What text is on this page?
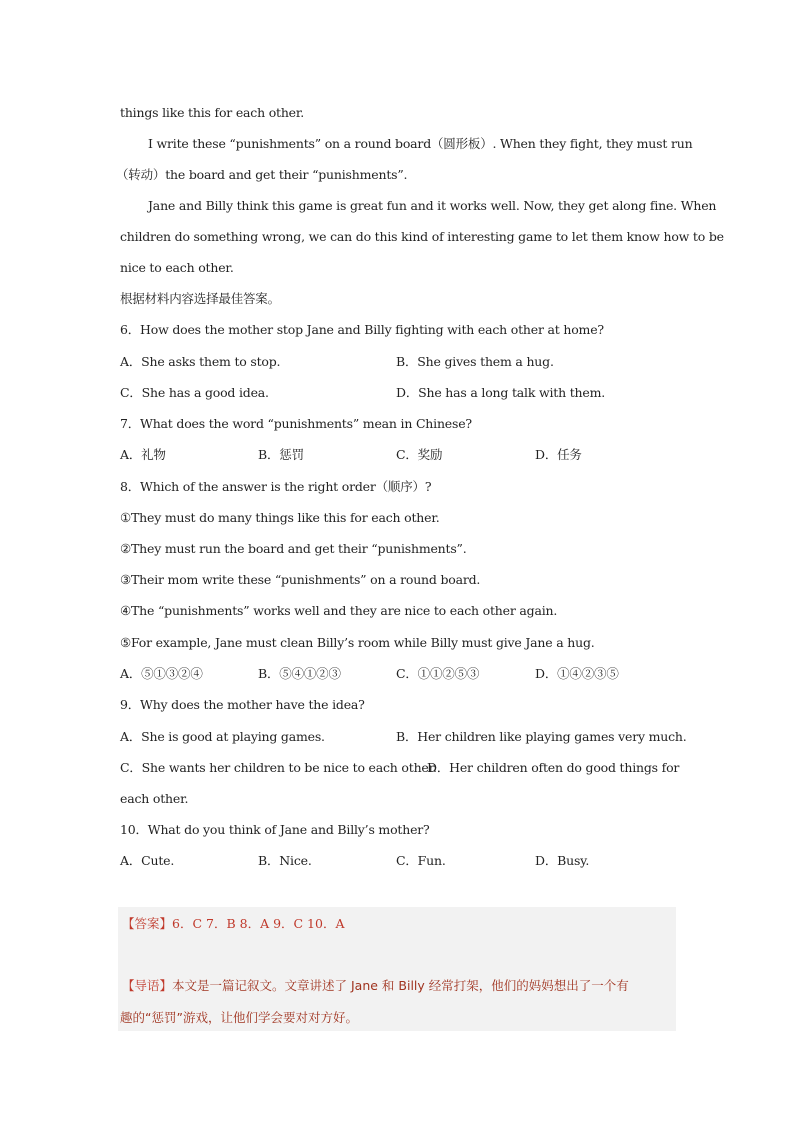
things like this for each other.
I write these “punishments” on a round board（圆形板）. When they fight, they must run
（转动）the board and get their “punishments”.
Jane and Billy think this game is great fun and it works well. Now, they get along fine. When
children do something wrong, we can do this kind of interesting game to let them know how to be
nice to each other.
根据材料内容选择最佳答案。
6．How does the mother stop Jane and Billy fighting with each other at home?
A．She asks them to stop.	B．She gives them a hug.
C．She has a good idea.	D．She has a long talk with them.
7．What does the word “punishments” mean in Chinese?
A．礼物	B．惩罚	C．奖励	D．任务
8．Which of the answer is the right order（顺序）?
①They must do many things like this for each other.
②They must run the board and get their “punishments”.
③Their mom write these “punishments” on a round board.
④The “punishments” works well and they are nice to each other again.
⑤For example, Jane must clean Billy’s room while Billy must give Jane a hug.
A．⑤①③②④	B．⑤④①②③	C．①①②⑤③	D．①④②③⑤
9．Why does the mother have the idea?
A．She is good at playing games.	B．Her children like playing games very much.
C．She wants her children to be nice to each other.
D．Her children often do good things for
each other.
10．What do you think of Jane and Billy’s mother?
A．Cute.	B．Nice.	C．Fun.	D．Busy.
【答案】6．C 7．B 8．A 9．C 10．A
【导语】本文是一篇记叙文。文章讲述了 Jane 和 Billy 经常打架，他们的妈妈想出了一个有
趣的“惩罚”游戏，让他们学会要对对方好。
